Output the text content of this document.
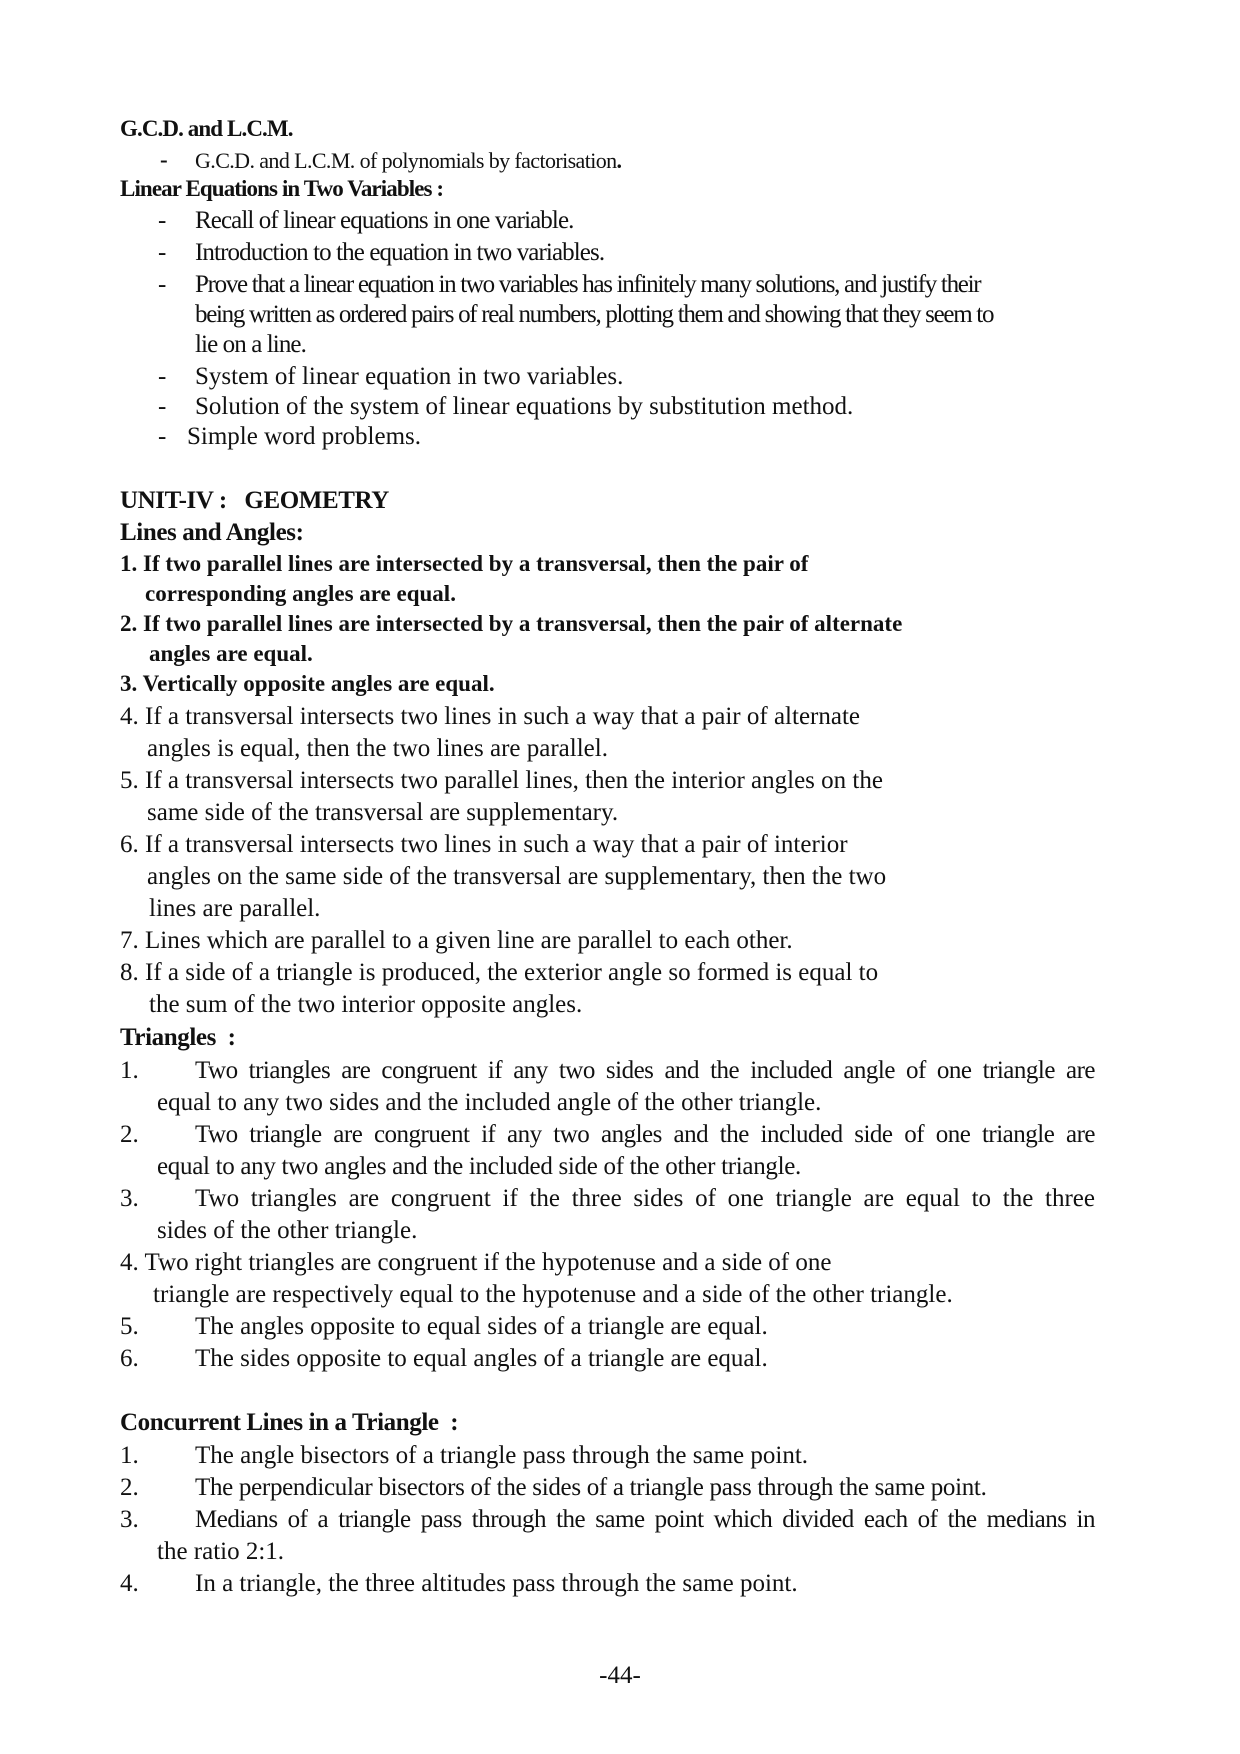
G.C.D. and L.C.M.
- G.C.D. and L.C.M. of polynomials by factorisation.
Linear Equations in Two Variables :
- Recall of linear equations in one variable.
- Introduction to the equation in two variables.
- Prove that a linear equation in two variables has infinitely many solutions, and justify their
being written as ordered pairs of real numbers, plotting them and showing that they seem to
lie on a line.
- System of linear equation in two variables.
- Solution of the system of linear equations by substitution method.
- Simple word problems.
UNIT-IV :   GEOMETRY
Lines and Angles:
1. If two parallel lines are intersected by a transversal, then the pair of
corresponding angles are equal.
2. If two parallel lines are intersected by a transversal, then the pair of alternate
angles are equal.
3. Vertically opposite angles are equal.
4. If a transversal intersects two lines in such a way that a pair of alternate
angles is equal, then the two lines are parallel.
5. If a transversal intersects two parallel lines, then the interior angles on the
same side of the transversal are supplementary.
6. If a transversal intersects two lines in such a way that a pair of interior
angles on the same side of the transversal are supplementary, then the two
lines are parallel.
7. Lines which are parallel to a given line are parallel to each other.
8. If a side of a triangle is produced, the exterior angle so formed is equal to
the sum of the two interior opposite angles.
Triangles  :
1. Two triangles are congruent if any two sides and the included angle of one triangle are
equal to any two sides and the included angle of the other triangle.
2. Two triangle are congruent if any two angles and the included side of one triangle are
equal to any two angles and the included side of the other triangle.
3. Two triangles are congruent if the three sides of one triangle are equal to the three
sides of the other triangle.
4. Two right triangles are congruent if the hypotenuse and a side of one
triangle are respectively equal to the hypotenuse and a side of the other triangle.
5. The angles opposite to equal sides of a triangle are equal.
6. The sides opposite to equal angles of a triangle are equal.
Concurrent Lines in a Triangle  :
1. The angle bisectors of a triangle pass through the same point.
2. The perpendicular bisectors of the sides of a triangle pass through the same point.
3. Medians of a triangle pass through the same point which divided each of the medians in
the ratio 2:1.
4. In a triangle, the three altitudes pass through the same point.
-44-
